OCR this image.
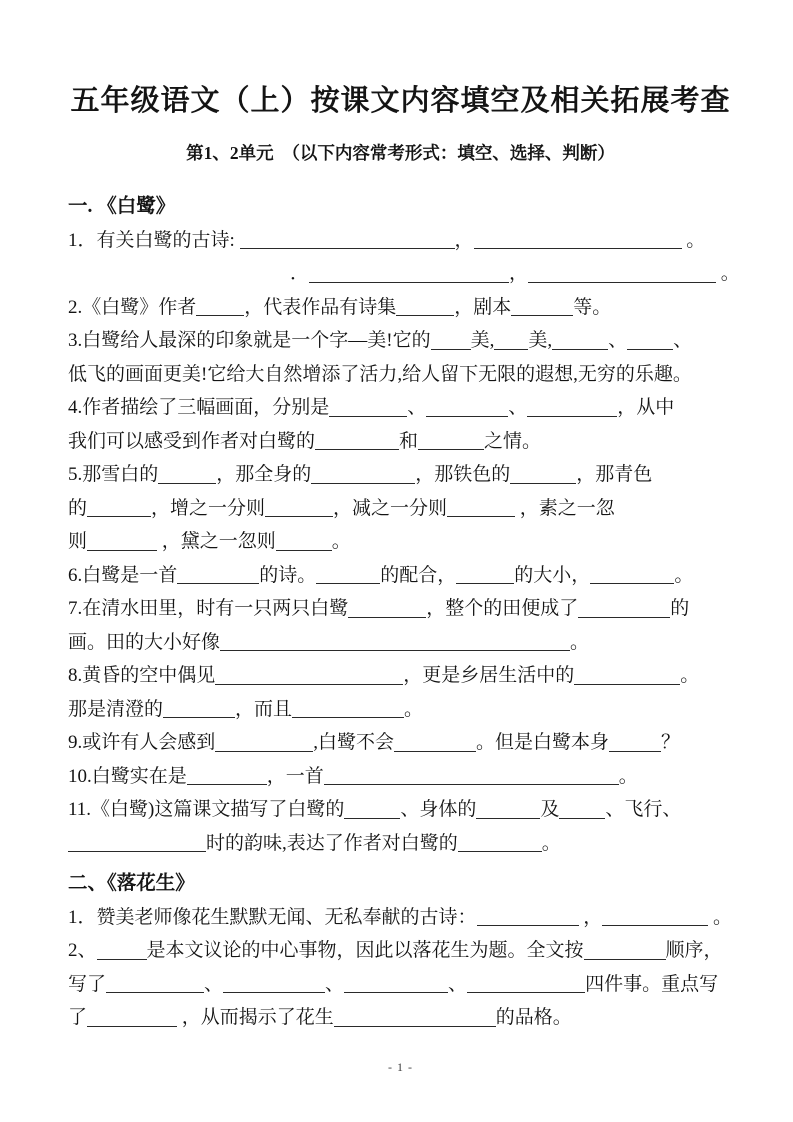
五年级语文（上）按课文内容填空及相关拓展考查
第1、2单元　（以下内容常考形式：填空、选择、判断）
一. 《白鹭》
1．有关白鹭的古诗:	，	。
．	，	。
2.《白鹭》作者	，代表作品有诗集	，剧本	等。
3.白鹭给人最深的印象就是一个字—美!它的 美, 美,	、 、
低飞的画面更美!它给大自然增添了活力,给人留下无限的遐想,无穷的乐趣。
4.作者描绘了三幅画面，分别是	、	、	，从中
我们可以感受到作者对白鹭的	和	之情。
5.那雪白的	，那全身的	，那铁色的	，那青色
的	，增之一分则	，减之一分则	，素之一忽
则	，黛之一忽则	。
6.白鹭是一首	的诗。	的配合，	的大小，	。
7.在清水田里，时有一只两只白鹭	，整个的田便成了	的
画。田的大小好像	。
8.黄昏的空中偶见	，更是乡居生活中的	。
那是清澄的	，而且	。
9.或许有人会感到	,白鹭不会	。但是白鹭本身	？
10.白鹭实在是	，一首	。
11.《白鹭)这篇课文描写了白鹭的	、身体的	及 、飞行、
时的韵味,表达了作者对白鹭的	。
二、《落花生》
1．赞美老师像花生默默无闻、无私奉献的古诗：	，	。
2、	是本文议论的中心事物，因此以落花生为题。全文按	顺序，
写了	、	、	、	四件事。重点写
了	，从而揭示了花生	的品格。
- 1 -
